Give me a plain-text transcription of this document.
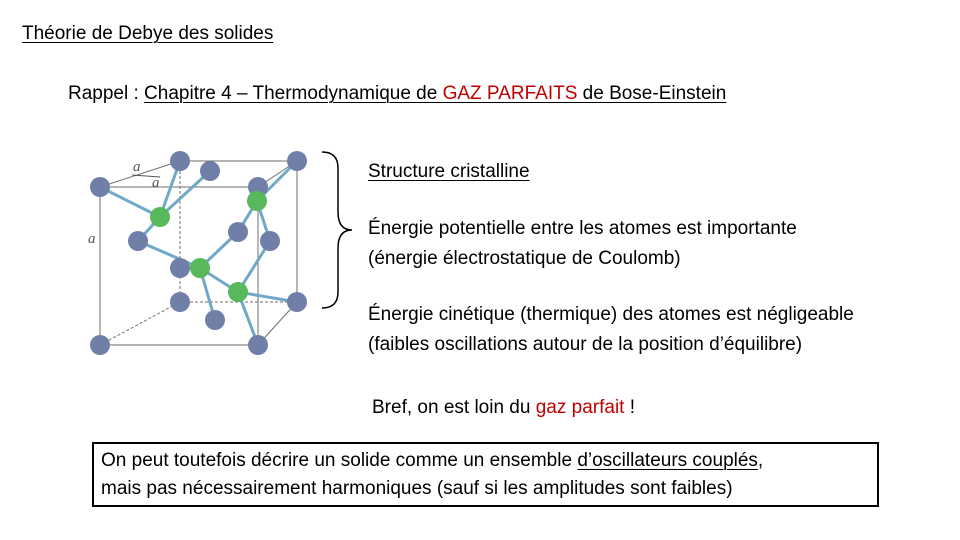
Théorie de Debye des solides
Rappel : Chapitre 4 – Thermodynamique de GAZ PARFAITS de Bose-Einstein
a
a
a
Structure cristalline
Énergie potentielle entre les atomes est importante
(énergie électrostatique de Coulomb)
Énergie cinétique (thermique) des atomes est négligeable
(faibles oscillations autour de la position d’équilibre)
Bref, on est loin du gaz parfait !
On peut toutefois décrire un solide comme un ensemble d’oscillateurs couplés,
mais pas nécessairement harmoniques (sauf si les amplitudes sont faibles)
